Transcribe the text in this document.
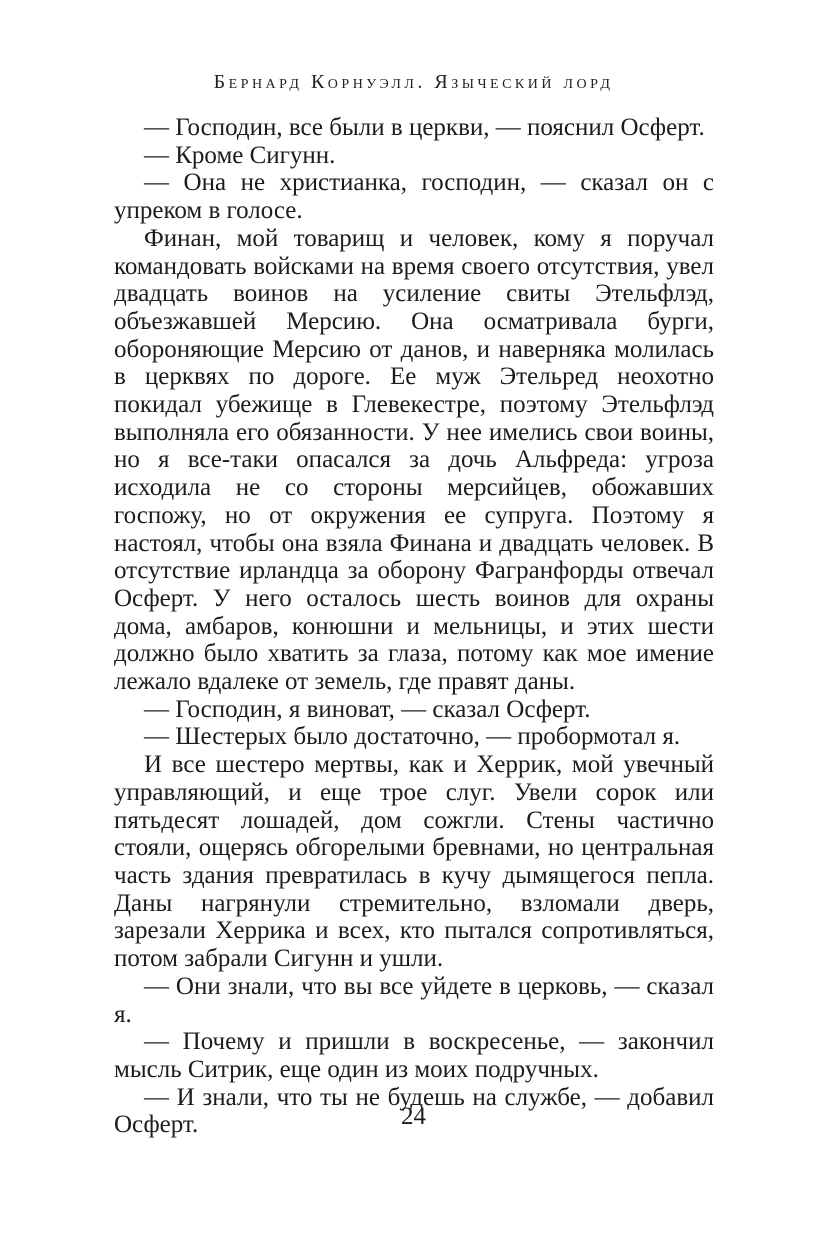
Бернард Корнуэлл. Языческий лорд

— Господин, все были в церкви, — пояснил Осферт.

— Кроме Сигунн.

— Она не христианка, господин, — сказал он с упреком в голосе.

Финан, мой товарищ и человек, кому я поручал командовать войсками на время своего отсутствия, увел двадцать воинов на усиление свиты Этельфлэд, объезжавшей Мерсию. Она осматривала бурги, обороняющие Мерсию от данов, и наверняка молилась в церквях по дороге. Ее муж Этельред неохотно покидал убежище в Глевекестре, поэтому Этельфлэд выполняла его обязанности. У нее имелись свои воины, но я все-таки опасался за дочь Альфреда: угроза исходила не со стороны мерсийцев, обожавших госпожу, но от окружения ее супруга. Поэтому я настоял, чтобы она взяла Финана и двадцать человек. В отсутствие ирландца за оборону Фагранфорды отвечал Осферт. У него осталось шесть воинов для охраны дома, амбаров, конюшни и мельницы, и этих шести должно было хватить за глаза, потому как мое имение лежало вдалеке от земель, где правят даны.

— Господин, я виноват, — сказал Осферт.

— Шестерых было достаточно, — пробормотал я.

И все шестеро мертвы, как и Херрик, мой увечный управляющий, и еще трое слуг. Увели сорок или пятьдесят лошадей, дом сожгли. Стены частично стояли, ощерясь обгорелыми бревнами, но центральная часть здания превратилась в кучу дымящегося пепла. Даны нагрянули стремительно, взломали дверь, зарезали Херрика и всех, кто пытался сопротивляться, потом забрали Сигунн и ушли.

— Они знали, что вы все уйдете в церковь, — сказал я.

— Почему и пришли в воскресенье, — закончил мысль Ситрик, еще один из моих подручных.

— И знали, что ты не будешь на службе, — добавил Осферт.	24
